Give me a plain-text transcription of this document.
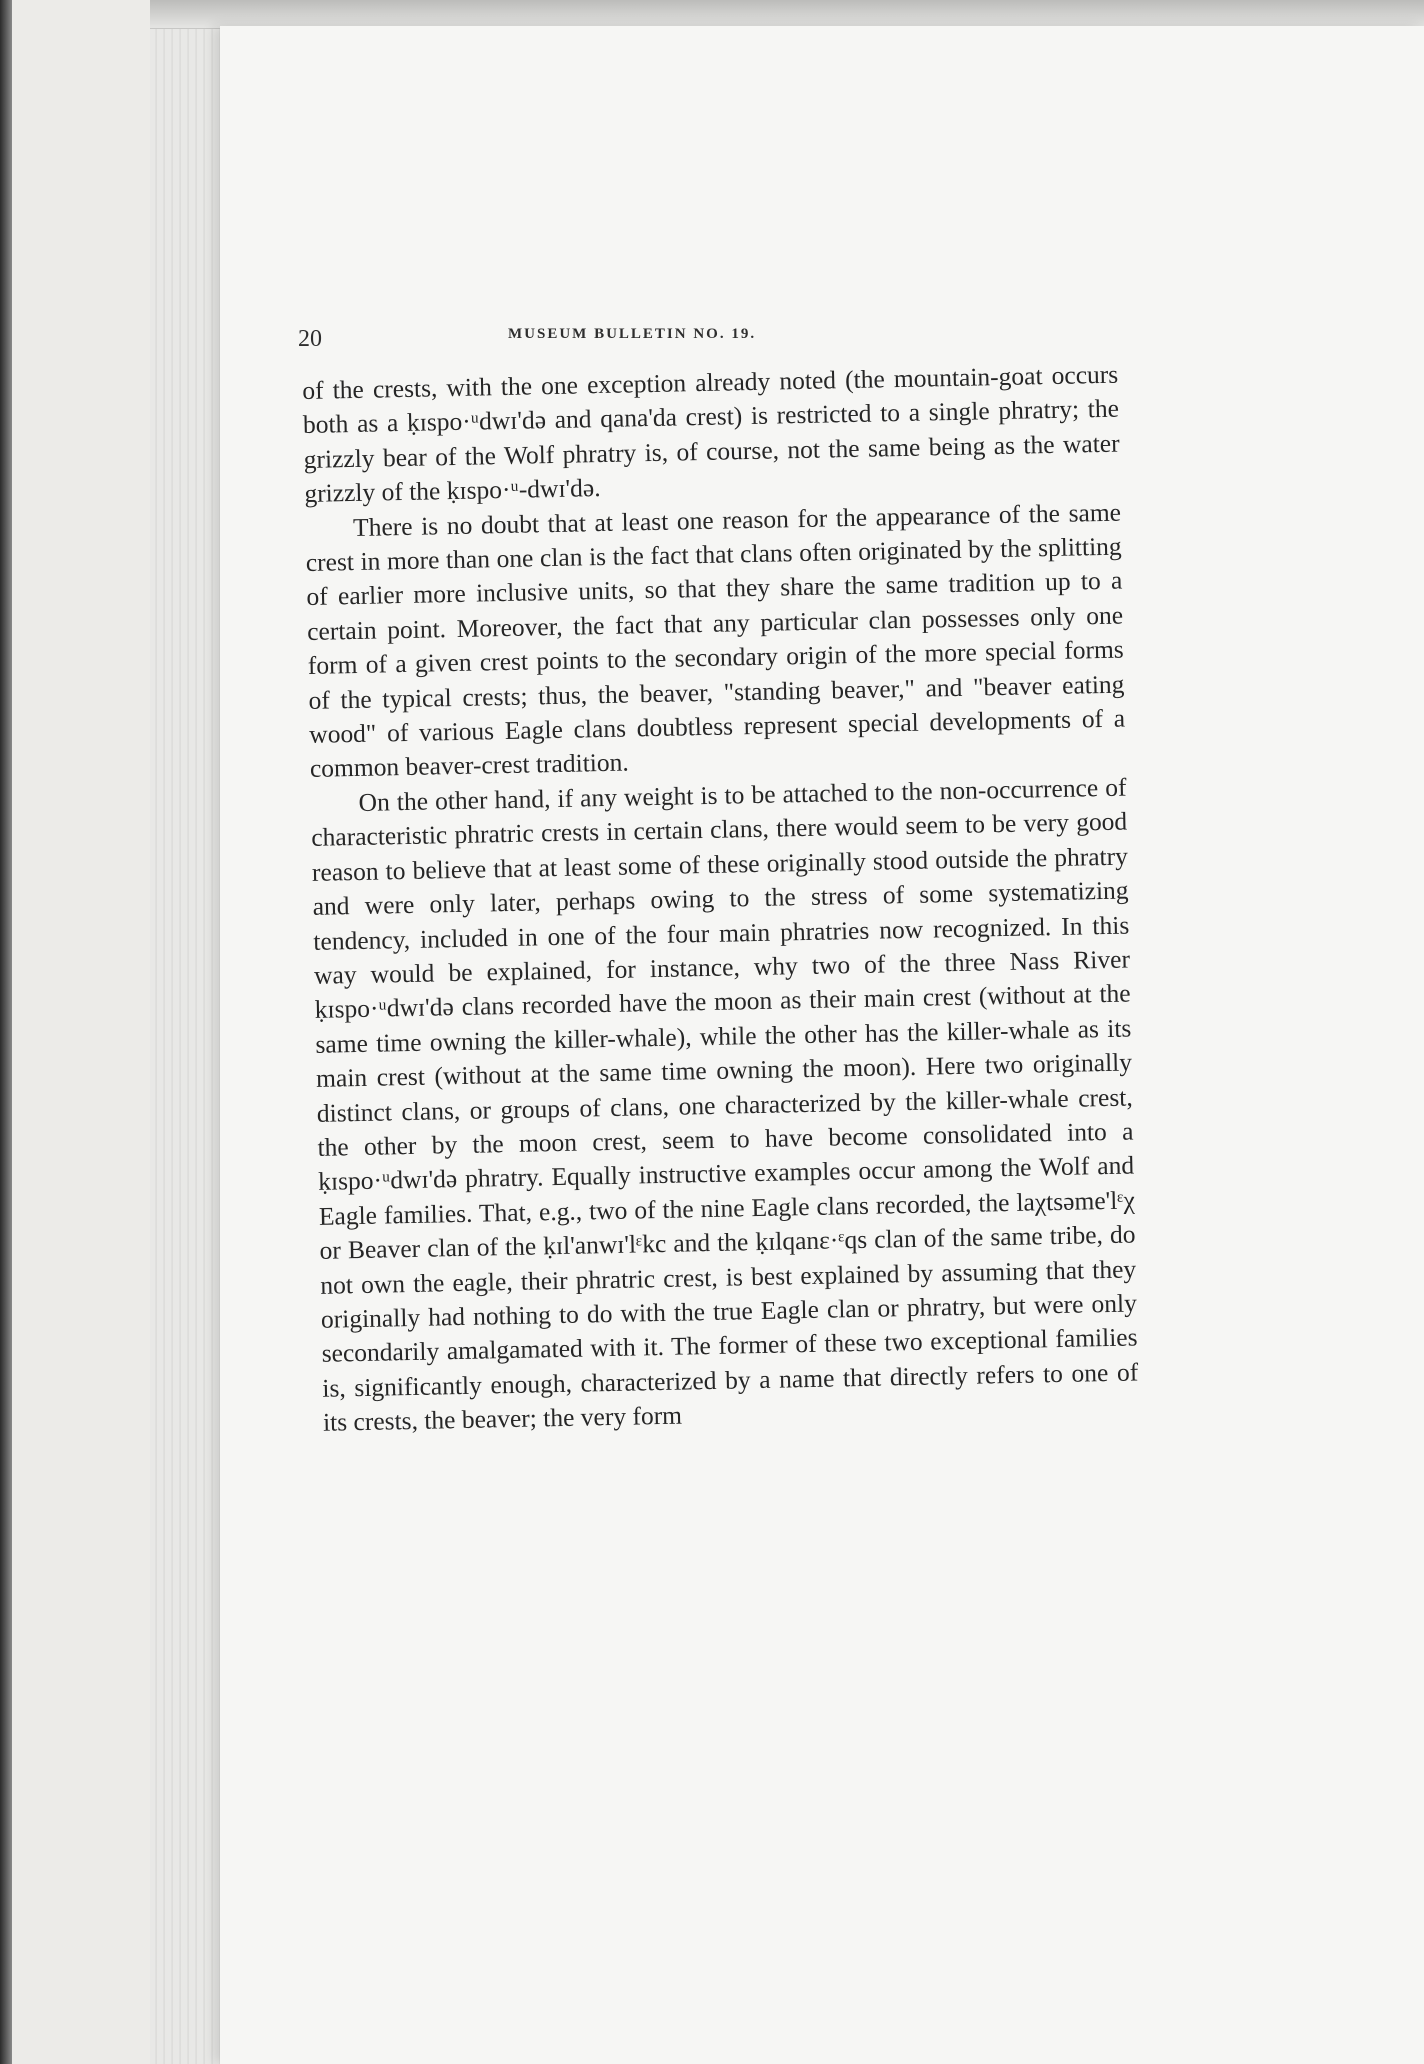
20	MUSEUM BULLETIN NO. 19.

of the crests, with the one exception already noted (the mountain-goat occurs both as a ḳɪspo·ᵘdwɪ'də and qana'da crest) is restricted to a single phratry; the grizzly bear of the Wolf phratry is, of course, not the same being as the water grizzly of the ḳɪspo·ᵘ-dwɪ'də.

There is no doubt that at least one reason for the appearance of the same crest in more than one clan is the fact that clans often originated by the splitting of earlier more inclusive units, so that they share the same tradition up to a certain point. Moreover, the fact that any particular clan possesses only one form of a given crest points to the secondary origin of the more special forms of the typical crests; thus, the beaver, "standing beaver," and "beaver eating wood" of various Eagle clans doubtless represent special developments of a common beaver-crest tradition.

On the other hand, if any weight is to be attached to the non-occurrence of characteristic phratric crests in certain clans, there would seem to be very good reason to believe that at least some of these originally stood outside the phratry and were only later, perhaps owing to the stress of some systematizing tendency, included in one of the four main phratries now recognized. In this way would be explained, for instance, why two of the three Nass River ḳɪspo·ᵘdwɪ'də clans recorded have the moon as their main crest (without at the same time owning the killer-whale), while the other has the killer-whale as its main crest (without at the same time owning the moon). Here two originally distinct clans, or groups of clans, one characterized by the killer-whale crest, the other by the moon crest, seem to have become consolidated into a ḳɪspo·ᵘdwɪ'də phratry. Equally instructive examples occur among the Wolf and Eagle families. That, e.g., two of the nine Eagle clans recorded, the laχtsəme'lᵋχ or Beaver clan of the ḳɪl'anwɪ'lᵋkc and the ḳɪlqanɛ·ᵋqs clan of the same tribe, do not own the eagle, their phratric crest, is best explained by assuming that they originally had nothing to do with the true Eagle clan or phratry, but were only secondarily amalgamated with it. The former of these two exceptional families is, significantly enough, characterized by a name that directly refers to one of its crests, the beaver; the very form
